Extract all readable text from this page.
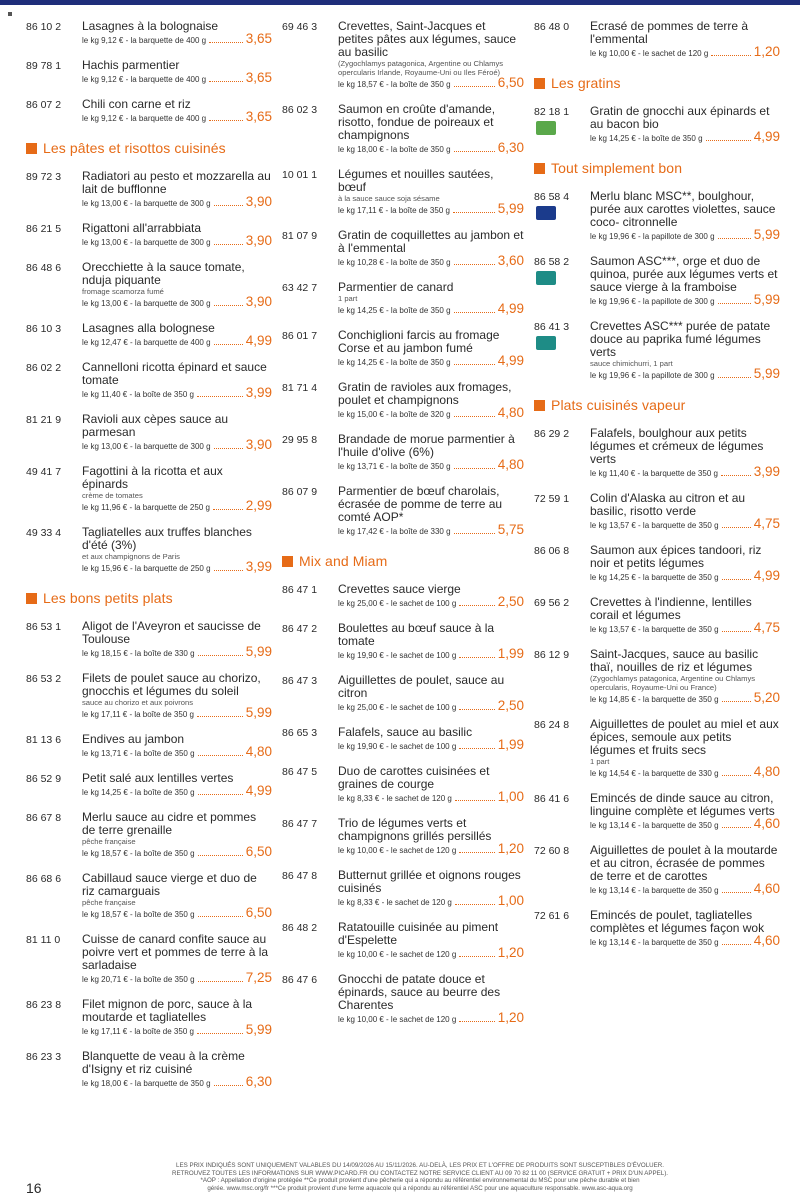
86 10 2	Lasagnes à la bolognaise
le kg 9,12 € - la barquette de 400 g	3,65
89 78 1	Hachis parmentier
le kg 9,12 € - la barquette de 400 g	3,65
86 07 2	Chili con carne et riz
le kg 9,12 € - la barquette de 400 g	3,65
Les pâtes et risottos cuisinés
89 72 3	Radiatori au pesto et mozzarella au lait de bufflonne
le kg 13,00 € - la barquette de 300 g	3,90
86 21 5	Rigattoni all'arrabbiata
le kg 13,00 € - la barquette de 300 g	3,90
86 48 6	Orecchiette à la sauce tomate, nduja piquante
fromage scamorza fumé
le kg 13,00 € - la barquette de 300 g	3,90
86 10 3	Lasagnes alla bolognese
le kg 12,47 € - la barquette de 400 g	4,99
86 02 2	Cannelloni ricotta épinard et sauce tomate
le kg 11,40 € - la boîte de 350 g	3,99
81 21 9	Ravioli aux cèpes sauce au parmesan
le kg 13,00 € - la barquette de 300 g	3,90
49 41 7	Fagottini à la ricotta et aux épinards
crème de tomates
le kg 11,96 € - la barquette de 250 g	2,99
49 33 4	Tagliatelles aux truffes blanches d'été (3%)
et aux champignons de Paris
le kg 15,96 € - la barquette de 250 g	3,99
Les bons petits plats
86 53 1	Aligot de l'Aveyron et saucisse de Toulouse
le kg 18,15 € - la boîte de 330 g	5,99
86 53 2	Filets de poulet sauce au chorizo, gnocchis et légumes du soleil
sauce au chorizo et aux poivrons
le kg 17,11 € - la boîte de 350 g	5,99
81 13 6	Endives au jambon
le kg 13,71 € - la boîte de 350 g	4,80
86 52 9	Petit salé aux lentilles vertes
le kg 14,25 € - la boîte de 350 g	4,99
86 67 8	Merlu sauce au cidre et pommes de terre grenaille
pêche française
le kg 18,57 € - la boîte de 350 g	6,50
86 68 6	Cabillaud sauce vierge et duo de riz camarguais
pêche française
le kg 18,57 € - la boîte de 350 g	6,50
81 11 0	Cuisse de canard confite sauce au poivre vert et pommes de terre à la sarladaise
le kg 20,71 € - la boîte de 350 g	7,25
86 23 8	Filet mignon de porc, sauce à la moutarde et tagliatelles
le kg 17,11 € - la boîte de 350 g	5,99
86 23 3	Blanquette de veau à la crème d'Isigny et riz cuisiné
le kg 18,00 € - la barquette de 350 g	6,30
69 46 3	Crevettes, Saint-Jacques et petites pâtes aux légumes, sauce au basilic
(Zygochlamys patagonica, Argentine ou Chlamys opercularis Irlande, Royaume-Uni ou Iles Féroé)
le kg 18,57 € - la boîte de 350 g	6,50
86 02 3	Saumon en croûte d'amande, risotto, fondue de poireaux et champignons
le kg 18,00 € - la boîte de 350 g	6,30
10 01 1	Légumes et nouilles sautées, bœuf
à la sauce sauce soja sésame
le kg 17,11 € - la boîte de 350 g	5,99
81 07 9	Gratin de coquillettes au jambon et à l'emmental
le kg 10,28 € - la boîte de 350 g	3,60
63 42 7	Parmentier de canard
1 part
le kg 14,25 € - la boîte de 350 g	4,99
86 01 7	Conchiglioni farcis au fromage Corse et au jambon fumé
le kg 14,25 € - la boîte de 350 g	4,99
81 71 4	Gratin de ravioles aux fromages, poulet et champignons
le kg 15,00 € - la boîte de 320 g	4,80
29 95 8	Brandade de morue parmentier à l'huile d'olive (6%)
le kg 13,71 € - la boîte de 350 g	4,80
86 07 9	Parmentier de bœuf charolais, écrasée de pomme de terre au comté AOP*
le kg 17,42 € - la boîte de 330 g	5,75
Mix and Miam
86 47 1	Crevettes sauce vierge
le kg 25,00 € - le sachet de 100 g	2,50
86 47 2	Boulettes au bœuf sauce à la tomate
le kg 19,90 € - le sachet de 100 g	1,99
86 47 3	Aiguillettes de poulet, sauce au citron
le kg 25,00 € - le sachet de 100 g	2,50
86 65 3	Falafels, sauce au basilic
le kg 19,90 € - le sachet de 100 g	1,99
86 47 5	Duo de carottes cuisinées et graines de courge
le kg 8,33 € - le sachet de 120 g	1,00
86 47 7	Trio de légumes verts et champignons grillés persillés
le kg 10,00 € - le sachet de 120 g	1,20
86 47 8	Butternut grillée et oignons rouges cuisinés
le kg 8,33 € - le sachet de 120 g	1,00
86 48 2	Ratatouille cuisinée au piment d'Espelette
le kg 10,00 € - le sachet de 120 g	1,20
86 47 6	Gnocchi de patate douce et épinards, sauce au beurre des Charentes
le kg 10,00 € - le sachet de 120 g	1,20
86 48 0	Ecrasé de pommes de terre à l'emmental
le kg 10,00 € - le sachet de 120 g	1,20
Les gratins
82 18 1	Gratin de gnocchi aux épinards et au bacon bio
le kg 14,25 € - la boîte de 350 g	4,99
Tout simplement bon
86 58 4	Merlu blanc MSC**, boulghour, purée aux carottes violettes, sauce coco- citronnelle
le kg 19,96 € - la papillote de 300 g	5,99
86 58 2	Saumon ASC***, orge et duo de quinoa, purée aux légumes verts et sauce vierge à la framboise
le kg 19,96 € - la papillote de 300 g	5,99
86 41 3	Crevettes ASC*** purée de patate douce au paprika fumé légumes verts
sauce chimichurri, 1 part
le kg 19,96 € - la papillote de 300 g	5,99
Plats cuisinés vapeur
86 29 2	Falafels, boulghour aux petits légumes et crémeux de légumes verts
le kg 11,40 € - la barquette de 350 g	3,99
72 59 1	Colin d'Alaska au citron et au basilic, risotto verde
le kg 13,57 € - la barquette de 350 g	4,75
86 06 8	Saumon aux épices tandoori, riz noir et petits légumes
le kg 14,25 € - la barquette de 350 g	4,99
69 56 2	Crevettes à l'indienne, lentilles corail et légumes
le kg 13,57 € - la barquette de 350 g	4,75
86 12 9	Saint-Jacques, sauce au basilic thaï, nouilles de riz et légumes
(Zygochlamys patagonica, Argentine ou Chlamys opercularis, Royaume-Uni ou France)
le kg 14,85 € - la barquette de 350 g	5,20
86 24 8	Aiguillettes de poulet au miel et aux épices, semoule aux petits légumes et fruits secs
1 part
le kg 14,54 € - la barquette de 330 g	4,80
86 41 6	Emincés de dinde sauce au citron, linguine complète et légumes verts
le kg 13,14 € - la barquette de 350 g	4,60
72 60 8	Aiguillettes de poulet à la moutarde et au citron, écrasée de pommes de terre et de carottes
le kg 13,14 € - la barquette de 350 g	4,60
72 61 6	Emincés de poulet, tagliatelles complètes et légumes façon wok
le kg 13,14 € - la barquette de 350 g	4,60
LES PRIX INDIQUÉS SONT UNIQUEMENT VALABLES DU 14/09/2026 AU 15/11/2026. AU-DELÀ, LES PRIX ET L'OFFRE DE PRODUITS SONT SUSCEPTIBLES D'ÉVOLUER.
RETROUVEZ TOUTES LES INFORMATIONS SUR WWW.PICARD.FR OU CONTACTEZ NOTRE SERVICE CLIENT AU 09 70 82 11 00 (SERVICE GRATUIT + PRIX D'UN APPEL).
*AOP : Appellation d'origine protégée **Ce produit provient d'une pêcherie qui a répondu au référentiel environnemental du MSC pour une pêche durable et bien
gérée. www.msc.org/fr ***Ce produit provient d'une ferme aquacole qui a répondu au référentiel ASC pour une aquaculture responsable. www.asc-aqua.org
16
